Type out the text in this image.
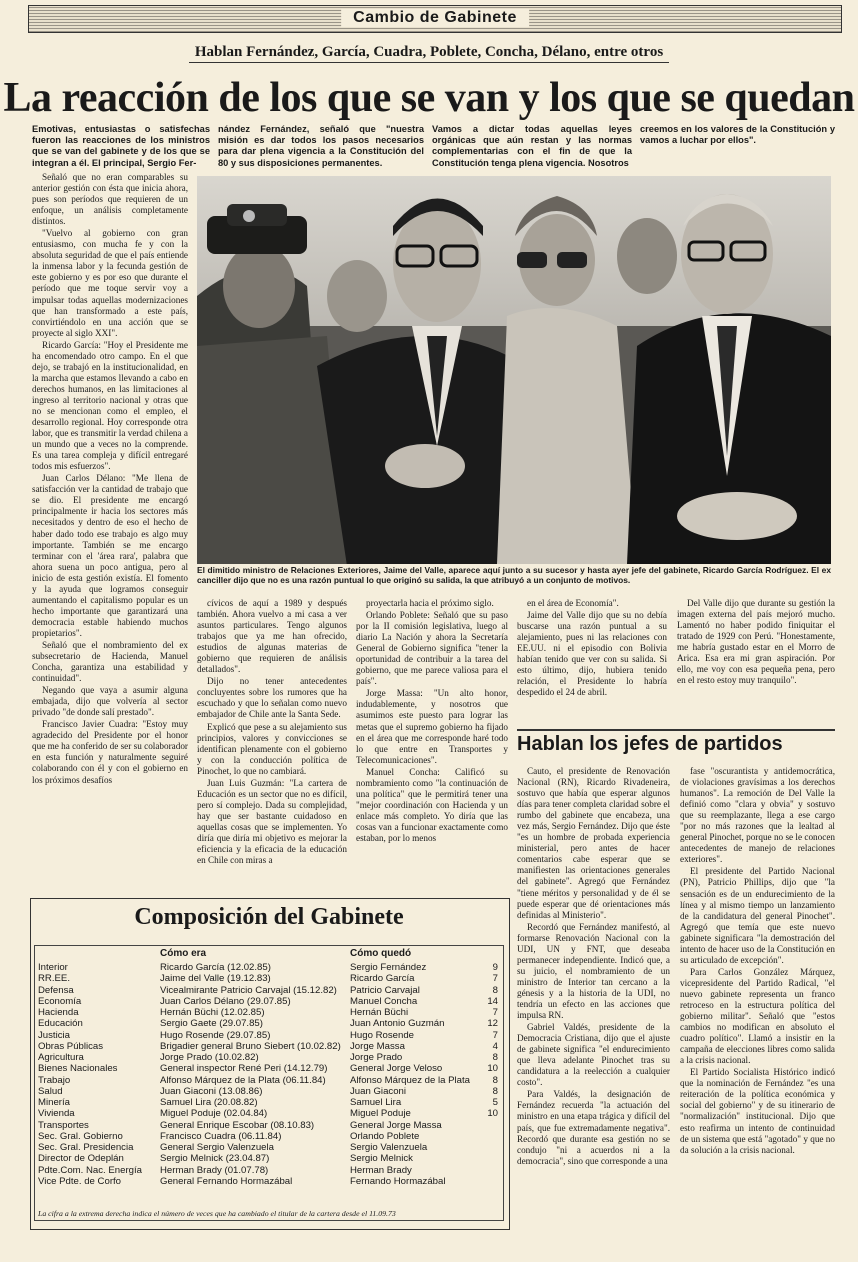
Cambio de Gabinete
Hablan Fernández, García, Cuadra, Poblete, Concha, Délano, entre otros
La reacción de los que se van y los que se quedan
Emotivas, entusiastas o satisfechas fueron las reacciones de los ministros que se van del gabinete y de los que se integran a él. El principal, Sergio Fer-
nández Fernández, señaló que "nuestra misión es dar todos los pasos necesarios para dar plena vigencia a la Constitución del 80 y sus disposiciones permanentes.
Vamos a dictar todas aquellas leyes orgánicas que aún restan y las normas complementarias con el fin de que la Constitución tenga plena vigencia. Nosotros
creemos en los valores de la Constitución y vamos a luchar por ellos".

Señaló que no eran comparables su anterior gestión con ésta que inicia ahora, pues son períodos que requieren de un enfoque, un análisis completamente distintos.

"Vuelvo al gobierno con gran entusiasmo, con mucha fe y con la absoluta seguridad de que el país entiende la inmensa labor y la fecunda gestión de este gobierno y es por eso que durante el período que me toque servir voy a impulsar todas aquellas modernizaciones que han transformado a este país, convirtiéndolo en una acción que se proyecte al siglo XXI".

Ricardo García: "Hoy el Presidente me ha encomendado otro campo. En el que dejo, se trabajó en la institucionalidad, en la marcha que estamos llevando a cabo en derechos humanos, en las limitaciones al ingreso al territorio nacional y otras que no se mencionan como el empleo, el desarrollo regional. Hoy corresponde otra labor, que es transmitir la verdad chilena a un mundo que a veces no la comprende. Es una tarea compleja y difícil entregaré todos mis esfuerzos".

Juan Carlos Délano: "Me llena de satisfacción ver la cantidad de trabajo que se dio. El presidente me encargó principalmente ir hacia los sectores más necesitados y dentro de eso el hecho de haber dado todo ese trabajo es algo muy importante. También se me encargo terminar con el 'área rara', palabra que ahora suena un poco antigua, pero al inicio de esta gestión existía. El fomento y la ayuda que logramos conseguir aumentando el capitalismo popular es un hecho importante que garantizará una democracia estable habiendo muchos propietarios".

Señaló que el nombramiento del ex subsecretario de Hacienda, Manuel Concha, garantiza una estabilidad y continuidad".

Negando que vaya a asumir alguna embajada, dijo que volvería al sector privado "de donde salí prestado".

Francisco Javier Cuadra: "Estoy muy agradecido del Presidente por el honor que me ha conferido de ser su colaborador en esta función y naturalmente seguiré colaborando con él y con el gobierno en los próximos desafíos

El dimitido ministro de Relaciones Exteriores, Jaime del Valle, aparece aquí junto a su sucesor y hasta ayer jefe del gabinete, Ricardo García Rodríguez. El ex canciller dijo que no es una razón puntual lo que originó su salida, la que atribuyó a un conjunto de motivos.

cívicos de aquí a 1989 y después también. Ahora vuelvo a mi casa a ver asuntos particulares. Tengo algunos trabajos que ya me han ofrecido, estudios de algunas materias de gobierno que requieren de análisis detallados".

Dijo no tener antecedentes concluyentes sobre los rumores que ha escuchado y que lo señalan como nuevo embajador de Chile ante la Santa Sede.

Explicó que pese a su alejamiento sus principios, valores y convicciones se identifican plenamente con el gobierno y con la conducción política de Pinochet, lo que no cambiará.

Juan Luis Guzmán: "La cartera de Educación es un sector que no es difícil, pero sí complejo. Dada su complejidad, hay que ser bastante cuidadoso en aquellas cosas que se implementen. Yo diría que diría mi objetivo es mejorar la eficiencia y la eficacia de la educación en Chile con miras a

proyectarla hacia el próximo siglo.

Orlando Poblete: Señaló que su paso por la II comisión legislativa, luego al diario La Nación y ahora la Secretaría General de Gobierno significa "tener la oportunidad de contribuir a la tarea del gobierno, que me parece valiosa para el país".

Jorge Massa: "Un alto honor, indudablemente, y nosotros que asumimos este puesto para lograr las metas que el supremo gobierno ha fijado en el área que me corresponde haré todo lo que entre en Transportes y Telecomunicaciones".

Manuel Concha: Calificó su nombramiento como "la continuación de una política" que le permitirá tener una "mejor coordinación con Hacienda y un enlace más completo. Yo diría que las cosas van a funcionar exactamente como estaban, por lo menos

en el área de Economía".

Jaime del Valle dijo que su no debía buscarse una razón puntual a su alejamiento, pues ni las relaciones con EE.UU. ni el episodio con Bolivia habían tenido que ver con su salida. Si esto último, dijo, hubiera tenido relación, el Presidente lo habría despedido el 24 de abril.

Del Valle dijo que durante su gestión la imagen externa del país mejoró mucho. Lamentó no haber podido finiquitar el tratado de 1929 con Perú. "Honestamente, me habría gustado estar en el Morro de Arica. Esa era mi gran aspiración. Por ello, me voy con esa pequeña pena, pero en el resto estoy muy tranquilo".

Hablan los jefes de partidos

Cauto, el presidente de Renovación Nacional (RN), Ricardo Rivadeneira, sostuvo que había que esperar algunos días para tener completa claridad sobre el rumbo del gabinete que encabeza, una vez más, Sergio Fernández. Dijo que éste "es un hombre de probada experiencia ministerial, pero antes de hacer comentarios cabe esperar que se manifiesten las orientaciones generales del gabinete". Agregó que Fernández "tiene méritos y personalidad y de él se puede esperar que dé orientaciones más definidas al Ministerio".

Recordó que Fernández manifestó, al formarse Renovación Nacional con la UDI, UN y FNT, que deseaba permanecer independiente. Indicó que, a su juicio, el nombramiento de un ministro de Interior tan cercano a la génesis y a la historia de la UDI, no tendría un efecto en las acciones que impulsa RN.

Gabriel Valdés, presidente de la Democracia Cristiana, dijo que el ajuste de gabinete significa "el endurecimiento que lleva adelante Pinochet tras su candidatura a la reelección a cualquier costo".

Para Valdés, la designación de Fernández recuerda "la actuación del ministro en una etapa trágica y difícil del país, que fue extremadamente negativa". Recordó que durante esa gestión no se condujo "ni a acuerdos ni a la democracia", sino que corresponde a una

fase "oscurantista y antidemocrática, de violaciones gravísimas a los derechos humanos". La remoción de Del Valle la definió como "clara y obvia" y sostuvo que su reemplazante, llega a ese cargo "por no más razones que la lealtad al general Pinochet, porque no se le conocen antecedentes de manejo de relaciones exteriores".

El presidente del Partido Nacional (PN), Patricio Phillips, dijo que "la sensación es de un endurecimiento de la línea y al mismo tiempo un lanzamiento de la candidatura del general Pinochet". Agregó que temía que este nuevo gabinete significara "la demostración del intento de hacer uso de la Constitución en su articulado de excepción".

Para Carlos González Márquez, vicepresidente del Partido Radical, "el nuevo gabinete representa un franco retroceso en la estructura política del gobierno militar". Señaló que "estos cambios no modifican en absoluto el cuadro político". Llamó a insistir en la campaña de elecciones libres como salida a la crisis nacional.

El Partido Socialista Histórico indicó que la nominación de Fernández "es una reiteración de la política económica y social del gobierno" y de su itinerario de "normalización" institucional. Dijo que esto reafirma un intento de continuidad de un sistema que está "agotado" y que no da solución a la crisis nacional.

Composición del Gabinete
Cómo era	Cómo quedó
Interior
RR.EE.
Defensa
Economía
Hacienda
Educación
Justicia
Obras Públicas
Agricultura
Bienes Nacionales
Trabajo
Salud
Minería
Vivienda
Transportes
Sec. Gral. Gobierno
Sec. Gral. Presidencia
Director de Odeplán
Pdte.Com. Nac. Energía
Vice Pdte. de Corfo
Ricardo García (12.02.85)
Jaime del Valle (19.12.83)
Vicealmirante Patricio Carvajal (15.12.82)
Juan Carlos Délano (29.07.85)
Hernán Büchi (12.02.85)
Sergio Gaete (29.07.85)
Hugo Rosende (29.07.85)
Brigadier general Bruno Siebert (10.02.82)
Jorge Prado (10.02.82)
General inspector René Peri (14.12.79)
Alfonso Márquez de la Plata (06.11.84)
Juan Giaconi (13.08.86)
Samuel Lira (20.08.82)
Miguel Poduje (02.04.84)
General Enrique Escobar (08.10.83)
Francisco Cuadra (06.11.84)
General Sergio Valenzuela
Sergio Melnick (23.04.87)
Herman Brady (01.07.78)
General Fernando Hormazábal
Sergio Fernández
Ricardo García
Patricio Carvajal
Manuel Concha
Hernán Büchi
Juan Antonio Guzmán
Hugo Rosende
Jorge Massa
Jorge Prado
General Jorge Veloso
Alfonso Márquez de la Plata
Juan Giaconi
Samuel Lira
Miguel Poduje
General Jorge Massa
Orlando Poblete
Sergio Valenzuela
Sergio Melnick
Herman Brady
Fernando Hormazábal
9
7
8
14
7
12
7
4
8
10
8
8
5
10
La cifra a la extrema derecha indica el número de veces que ha cambiado el titular de la cartera desde el 11.09.73
